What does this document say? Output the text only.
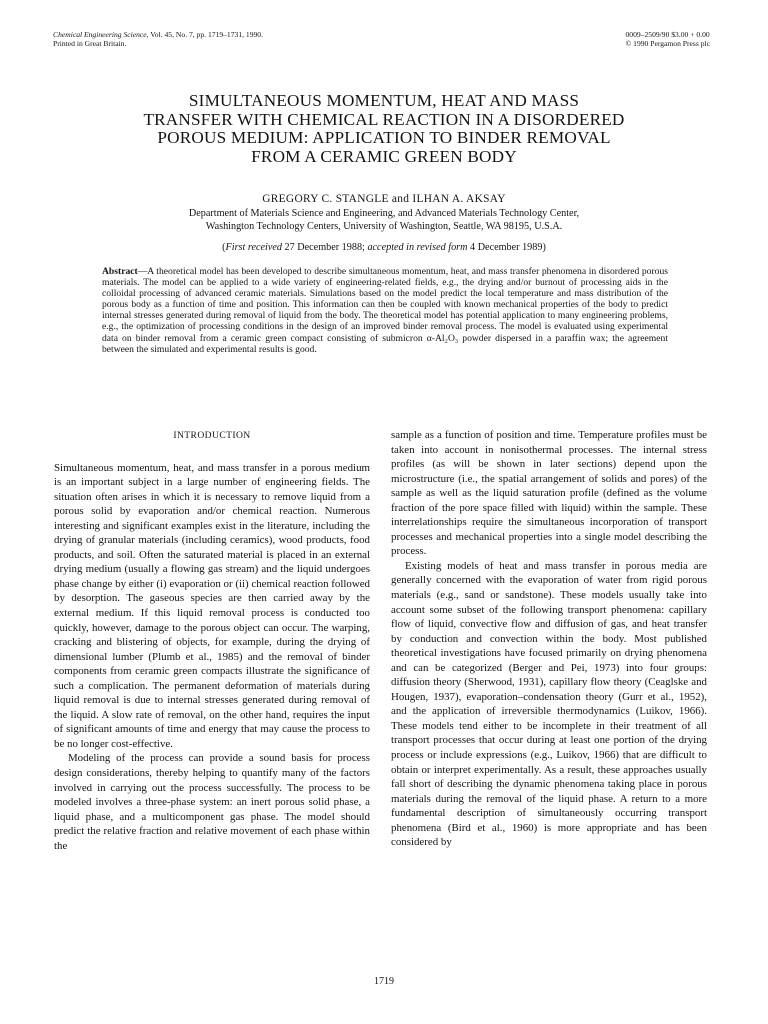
Chemical Engineering Science, Vol. 45, No. 7, pp. 1719–1731, 1990.
Printed in Great Britain.
0009–2509/90 $3.00 + 0.00
© 1990 Pergamon Press plc
SIMULTANEOUS MOMENTUM, HEAT AND MASS
TRANSFER WITH CHEMICAL REACTION IN A DISORDERED
POROUS MEDIUM: APPLICATION TO BINDER REMOVAL
FROM A CERAMIC GREEN BODY
GREGORY C. STANGLE and ILHAN A. AKSAY
Department of Materials Science and Engineering, and Advanced Materials Technology Center,
Washington Technology Centers, University of Washington, Seattle, WA 98195, U.S.A.
(First received 27 December 1988; accepted in revised form 4 December 1989)

Abstract—A theoretical model has been developed to describe simultaneous momentum, heat, and mass transfer phenomena in disordered porous materials. The model can be applied to a wide variety of engineering-related fields, e.g., the drying and/or burnout of processing aids in the colloidal processing of advanced ceramic materials. Simulations based on the model predict the local temperature and mass distribution of the porous body as a function of time and position. This information can then be coupled with known mechanical properties of the body to predict internal stresses generated during removal of liquid from the body. The theoretical model has potential application to many engineering problems, e.g., the optimization of processing conditions in the design of an improved binder removal process. The model is evaluated using experimental data on binder removal from a ceramic green compact consisting of submicron α-Al₂O₃ powder dispersed in a paraffin wax; the agreement between the simulated and experimental results is good.

INTRODUCTION

Simultaneous momentum, heat, and mass transfer in a porous medium is an important subject in a large number of engineering fields. The situation often arises in which it is necessary to remove liquid from a porous solid by evaporation and/or chemical reaction. Numerous interesting and significant examples exist in the literature, including the drying of granular materials (including ceramics), wood products, food products, and soil. Often the saturated material is placed in an external drying medium (usually a flowing gas stream) and the liquid undergoes phase change by either (i) evaporation or (ii) chemical reaction followed by desorption. The gaseous species are then carried away by the external medium. If this liquid removal process is conducted too quickly, however, damage to the porous object can occur. The warping, cracking and blistering of objects, for example, during the drying of dimensional lumber (Plumb et al., 1985) and the removal of binder components from ceramic green compacts illustrate the significance of such a complication. The permanent deformation of materials during liquid removal is due to internal stresses generated during removal of the liquid. A slow rate of removal, on the other hand, requires the input of significant amounts of time and energy that may cause the process to be no longer cost-effective.

Modeling of the process can provide a sound basis for process design considerations, thereby helping to quantify many of the factors involved in carrying out the process successfully. The process to be modeled involves a three-phase system: an inert porous solid phase, a liquid phase, and a multicomponent gas phase. The model should predict the relative fraction and relative movement of each phase within the

sample as a function of position and time. Temperature profiles must be taken into account in nonisothermal processes. The internal stress profiles (as will be shown in later sections) depend upon the microstructure (i.e., the spatial arrangement of solids and pores) of the sample as well as the liquid saturation profile (defined as the volume fraction of the pore space filled with liquid) within the sample. These interrelationships require the simultaneous incorporation of transport processes and mechanical properties into a single model describing the process.

Existing models of heat and mass transfer in porous media are generally concerned with the evaporation of water from rigid porous materials (e.g., sand or sandstone). These models usually take into account some subset of the following transport phenomena: capillary flow of liquid, convective flow and diffusion of gas, and heat transfer by conduction and convection within the body. Most published theoretical investigations have focused primarily on drying phenomena and can be categorized (Berger and Pei, 1973) into four groups: diffusion theory (Sherwood, 1931), capillary flow theory (Ceaglske and Hougen, 1937), evaporation–condensation theory (Gurr et al., 1952), and the application of irreversible thermodynamics (Luikov, 1966). These models tend either to be incomplete in their treatment of all transport processes that occur during at least one portion of the drying process or include expressions (e.g., Luikov, 1966) that are difficult to obtain or interpret experimentally. As a result, these approaches usually fall short of describing the dynamic phenomena taking place in porous materials during the removal of the liquid phase. A return to a more fundamental description of simultaneously occurring transport phenomena (Bird et al., 1960) is more appropriate and has been considered by

1719
